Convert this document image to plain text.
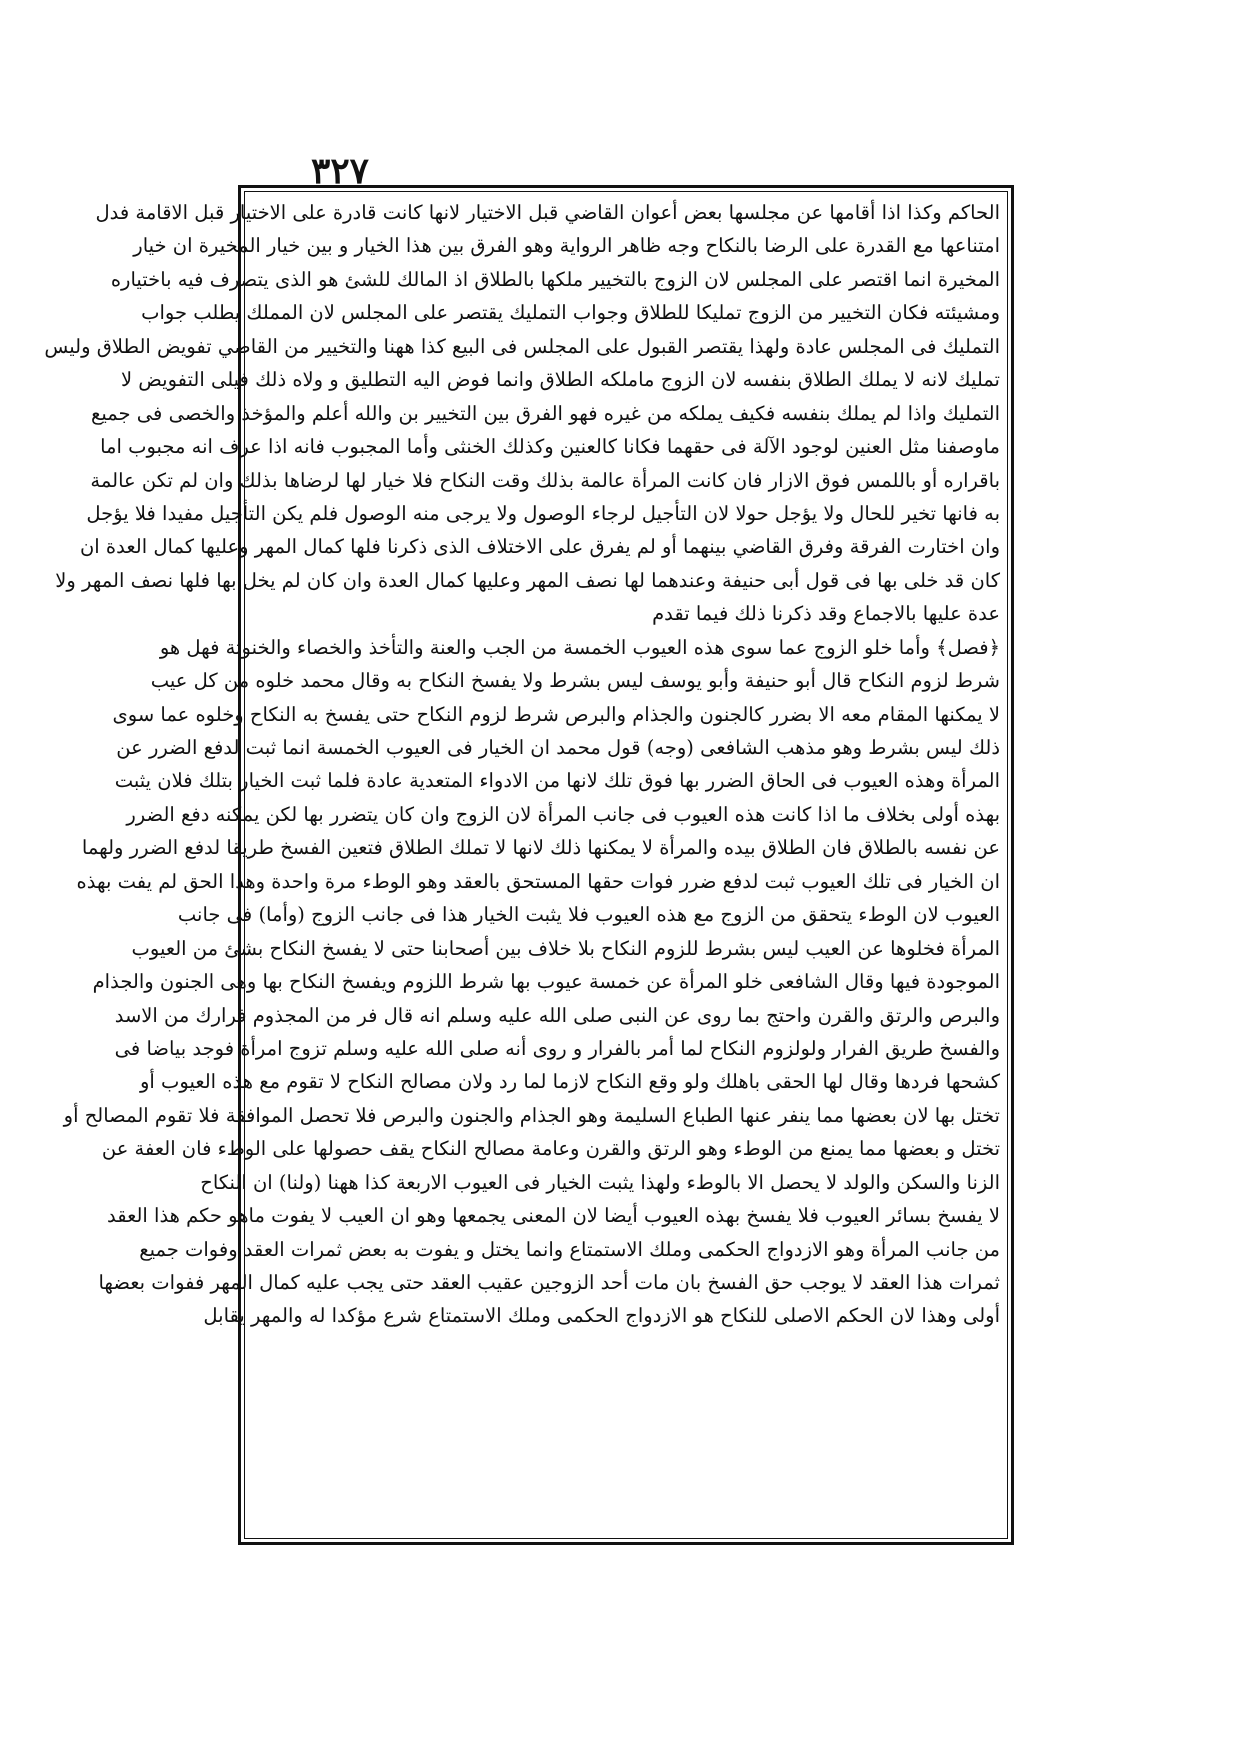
٣٢٧
الحاكم وكذا اذا أقامها عن مجلسها بعض أعوان القاضي قبل الاختيار لانها كانت قادرة على الاختيار قبل الاقامة فدل
امتناعها مع القدرة على الرضا بالنكاح وجه ظاهر الرواية وهو الفرق بين هذا الخيار و بين خيار المخيرة ان خيار
المخيرة انما اقتصر على المجلس لان الزوج بالتخيير ملكها بالطلاق اذ المالك للشئ هو الذى يتصرف فيه باختياره
ومشيئته فكان التخيير من الزوج تمليكا للطلاق وجواب التمليك يقتصر على المجلس لان المملك يطلب جواب
التمليك فى المجلس عادة ولهذا يقتصر القبول على المجلس فى البيع كذا ههنا والتخيير من القاضي تفويض الطلاق وليس
تمليك لانه لا يملك الطلاق بنفسه لان الزوج ماملكه الطلاق وانما فوض اليه التطليق و ولاه ذلك فيلى التفويض لا
التمليك واذا لم يملك بنفسه فكيف يملكه من غيره فهو الفرق بين التخيير بن والله أعلم والمؤخذ والخصى فى جميع
ماوصفنا مثل العنين لوجود الآلة فى حقهما فكانا كالعنين وكذلك الخنثى وأما المجبوب فانه اذا عرف انه مجبوب اما
باقراره أو باللمس فوق الازار فان كانت المرأة عالمة بذلك وقت النكاح فلا خيار لها لرضاها بذلك وان لم تكن عالمة
به فانها تخير للحال ولا يؤجل حولا لان التأجيل لرجاء الوصول ولا يرجى منه الوصول فلم يكن التأجيل مفيدا فلا يؤجل
وان اختارت الفرقة وفرق القاضي بينهما أو لم يفرق على الاختلاف الذى ذكرنا فلها كمال المهر وعليها كمال العدة ان
كان قد خلى بها فى قول أبى حنيفة وعندهما لها نصف المهر وعليها كمال العدة وان كان لم يخل بها فلها نصف المهر ولا
عدة عليها بالاجماع وقد ذكرنا ذلك فيما تقدم
﴿فصل﴾ وأما خلو الزوج عما سوى هذه العيوب الخمسة من الجب والعنة والتأخذ والخصاء والخنوثة فهل هو
شرط لزوم النكاح قال أبو حنيفة وأبو يوسف ليس بشرط ولا يفسخ النكاح به وقال محمد خلوه من كل عيب
لا يمكنها المقام معه الا بضرر كالجنون والجذام والبرص شرط لزوم النكاح حتى يفسخ به النكاح وخلوه عما سوى
ذلك ليس بشرط وهو مذهب الشافعى (وجه) قول محمد ان الخيار فى العيوب الخمسة انما ثبت لدفع الضرر عن
المرأة وهذه العيوب فى الحاق الضرر بها فوق تلك لانها من الادواء المتعدية عادة فلما ثبت الخيار بتلك فلان يثبت
بهذه أولى بخلاف ما اذا كانت هذه العيوب فى جانب المرأة لان الزوج وان كان يتضرر بها لكن يمكنه دفع الضرر
عن نفسه بالطلاق فان الطلاق بيده والمرأة لا يمكنها ذلك لانها لا تملك الطلاق فتعين الفسخ طريقا لدفع الضرر ولهما
ان الخيار فى تلك العيوب ثبت لدفع ضرر فوات حقها المستحق بالعقد وهو الوطء مرة واحدة وهذا الحق لم يفت بهذه
العيوب لان الوطء يتحقق من الزوج مع هذه العيوب فلا يثبت الخيار هذا فى جانب الزوج (وأما) فى جانب
المرأة فخلوها عن العيب ليس بشرط للزوم النكاح بلا خلاف بين أصحابنا حتى لا يفسخ النكاح بشئ من العيوب
الموجودة فيها وقال الشافعى خلو المرأة عن خمسة عيوب بها شرط اللزوم ويفسخ النكاح بها وهى الجنون والجذام
والبرص والرتق والقرن واحتج بما روى عن النبى صلى الله عليه وسلم انه قال فر من المجذوم فرارك من الاسد
والفسخ طريق الفرار ولولزوم النكاح لما أمر بالفرار و روى أنه صلى الله عليه وسلم تزوج امرأة فوجد بياضا فى
كشحها فردها وقال لها الحقى باهلك ولو وقع النكاح لازما لما رد ولان مصالح النكاح لا تقوم مع هذه العيوب أو
تختل بها لان بعضها مما ينفر عنها الطباع السليمة وهو الجذام والجنون والبرص فلا تحصل الموافقة فلا تقوم المصالح أو
تختل و بعضها مما يمنع من الوطء وهو الرتق والقرن وعامة مصالح النكاح يقف حصولها على الوطء فان العفة عن
الزنا والسكن والولد لا يحصل الا بالوطء ولهذا يثبت الخيار فى العيوب الاربعة كذا ههنا (ولنا) ان النكاح
لا يفسخ بسائر العيوب فلا يفسخ بهذه العيوب أيضا لان المعنى يجمعها وهو ان العيب لا يفوت ماهو حكم هذا العقد
من جانب المرأة وهو الازدواج الحكمى وملك الاستمتاع وانما يختل و يفوت به بعض ثمرات العقد وفوات جميع
ثمرات هذا العقد لا يوجب حق الفسخ بان مات أحد الزوجين عقيب العقد حتى يجب عليه كمال المهر ففوات بعضها
أولى وهذا لان الحكم الاصلى للنكاح هو الازدواج الحكمى وملك الاستمتاع شرع مؤكدا له والمهر يقابل
